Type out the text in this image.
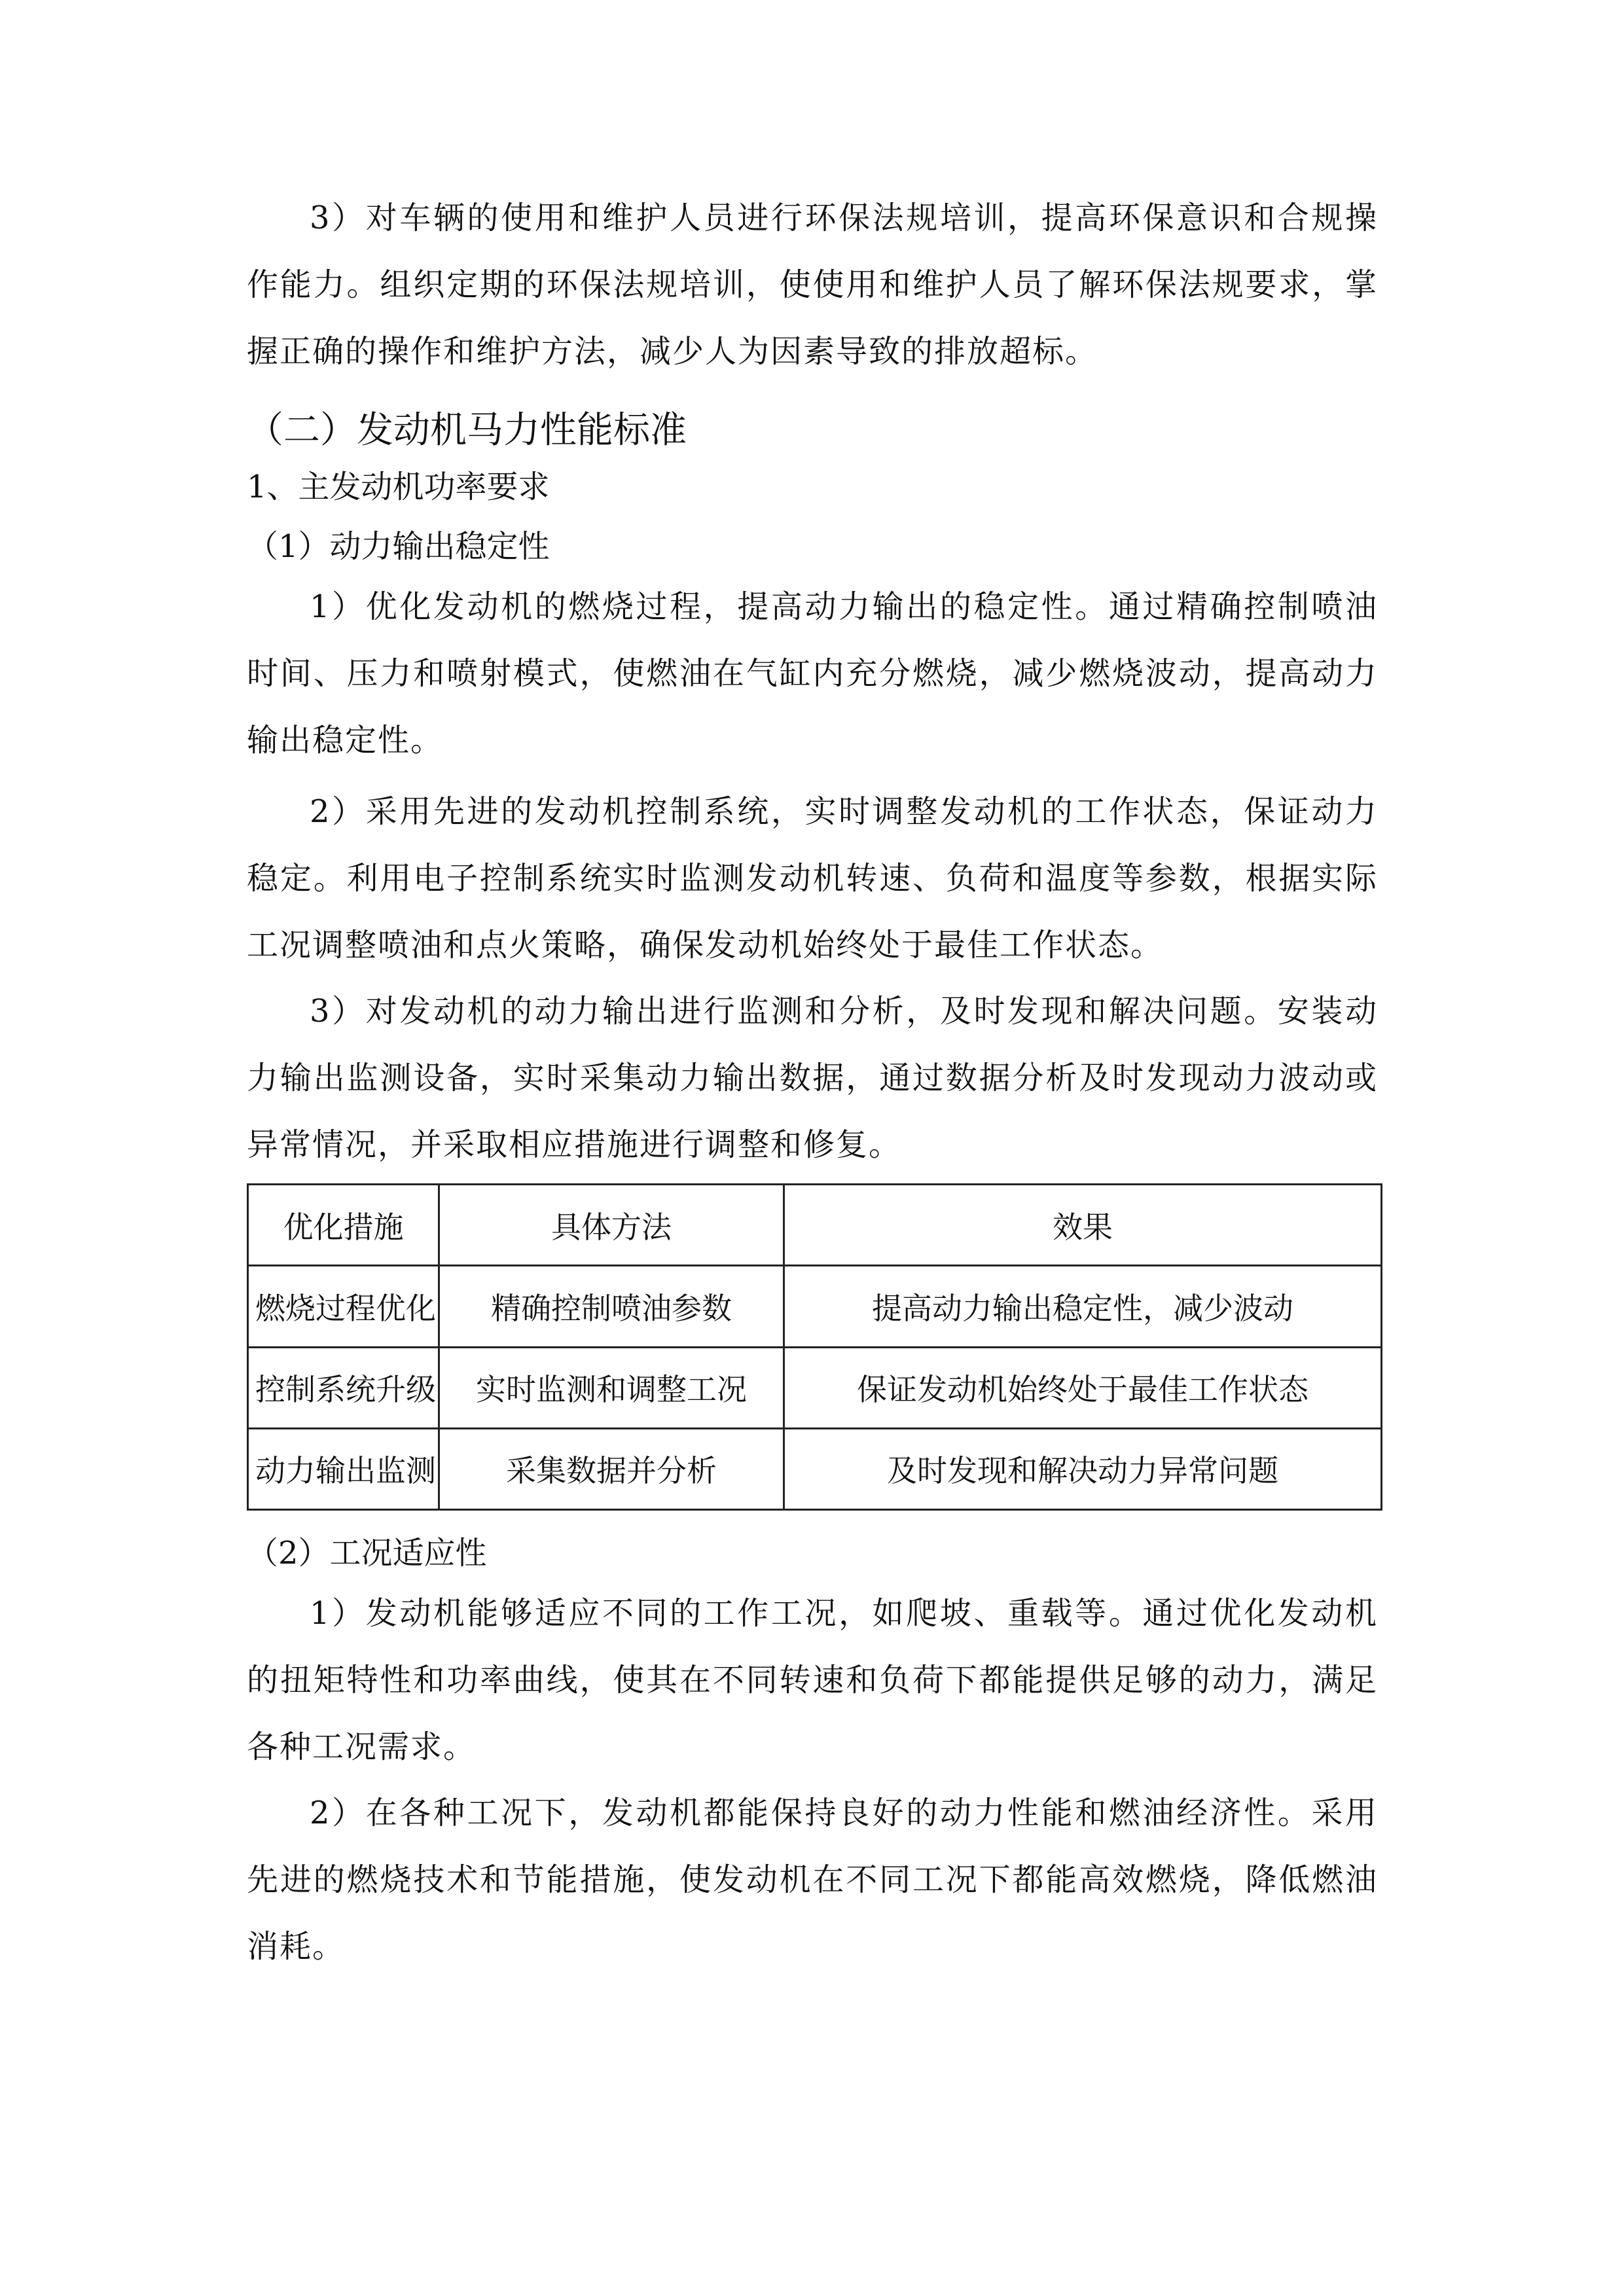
3）对车辆的使用和维护人员进行环保法规培训，提高环保意识和合规操作能力。组织定期的环保法规培训，使使用和维护人员了解环保法规要求，掌握正确的操作和维护方法，减少人为因素导致的排放超标。

（二）发动机马力性能标准
1、主发动机功率要求
（1）动力输出稳定性

1）优化发动机的燃烧过程，提高动力输出的稳定性。通过精确控制喷油时间、压力和喷射模式，使燃油在气缸内充分燃烧，减少燃烧波动，提高动力输出稳定性。

2）采用先进的发动机控制系统，实时调整发动机的工作状态，保证动力稳定。利用电子控制系统实时监测发动机转速、负荷和温度等参数，根据实际工况调整喷油和点火策略，确保发动机始终处于最佳工作状态。

3）对发动机的动力输出进行监测和分析，及时发现和解决问题。安装动力输出监测设备，实时采集动力输出数据，通过数据分析及时发现动力波动或异常情况，并采取相应措施进行调整和修复。

优化措施	具体方法	效果
燃烧过程优化	精确控制喷油参数	提高动力输出稳定性，减少波动
控制系统升级	实时监测和调整工况	保证发动机始终处于最佳工作状态
动力输出监测	采集数据并分析	及时发现和解决动力异常问题
（2）工况适应性

1）发动机能够适应不同的工作工况，如爬坡、重载等。通过优化发动机的扭矩特性和功率曲线，使其在不同转速和负荷下都能提供足够的动力，满足各种工况需求。

2）在各种工况下，发动机都能保持良好的动力性能和燃油经济性。采用先进的燃烧技术和节能措施，使发动机在不同工况下都能高效燃烧，降低燃油消耗。
